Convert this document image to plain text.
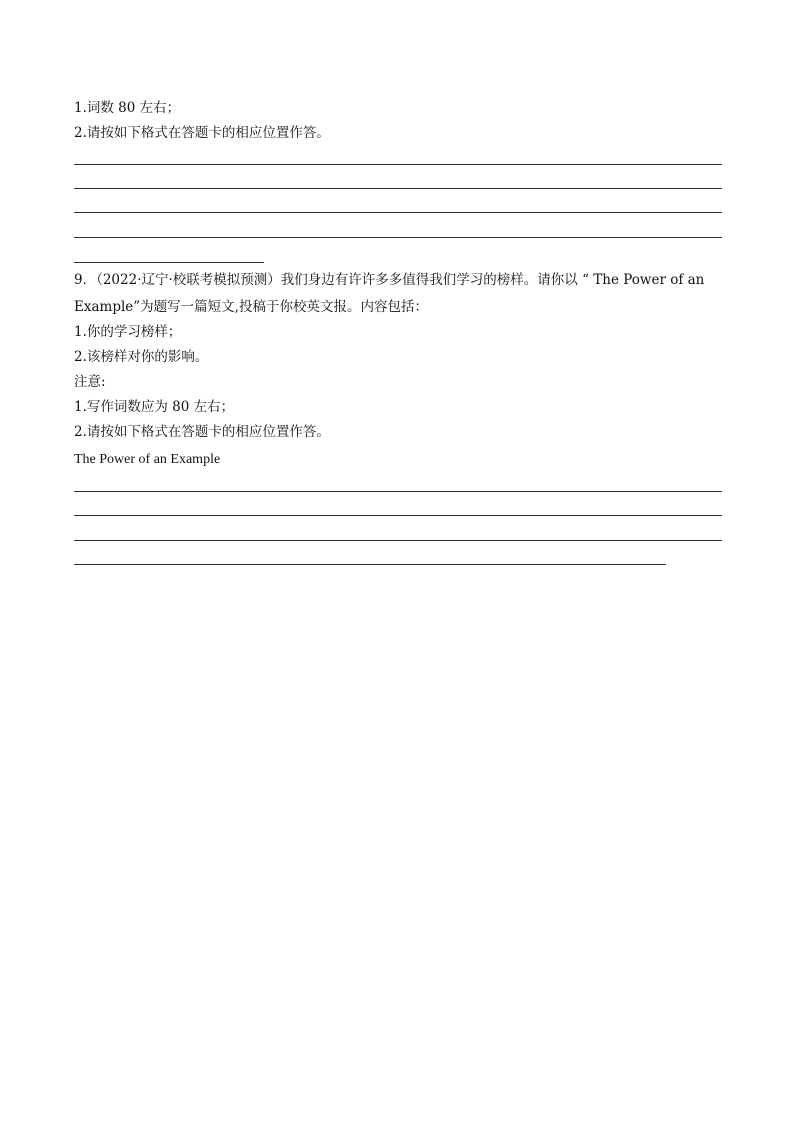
1.词数 80 左右；
2.请按如下格式在答题卡的相应位置作答。
9．（2022·辽宁·校联考模拟预测）我们身边有许许多多值得我们学习的榜样。请你以 “ The Power of an
Example”为题写一篇短文,投稿于你校英文报。内容包括：
1.你的学习榜样；
2.该榜样对你的影响。
注意:
1.写作词数应为 80 左右；
2.请按如下格式在答题卡的相应位置作答。
The Power of an Example
